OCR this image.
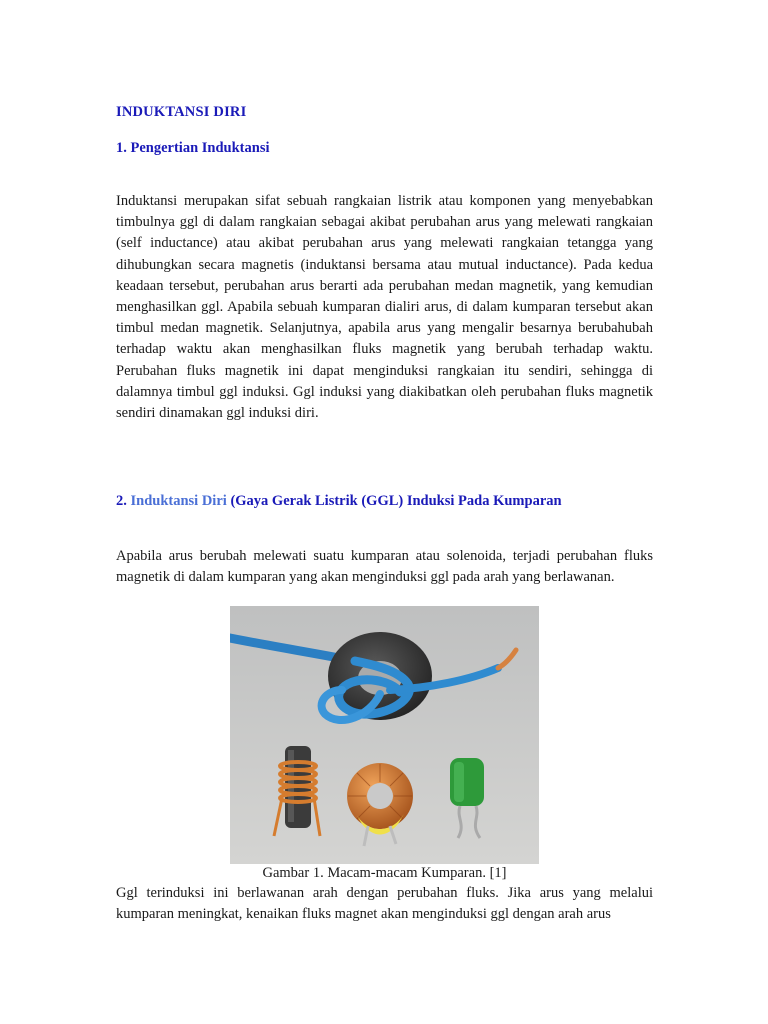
INDUKTANSI DIRI
1. Pengertian Induktansi
Induktansi merupakan sifat sebuah rangkaian listrik atau komponen yang menyebabkan timbulnya ggl di dalam rangkaian sebagai akibat perubahan arus yang melewati rangkaian (self inductance) atau akibat perubahan arus yang melewati rangkaian tetangga yang dihubungkan secara magnetis (induktansi bersama atau mutual inductance). Pada kedua keadaan tersebut, perubahan arus berarti ada perubahan medan magnetik, yang kemudian menghasilkan ggl. Apabila sebuah kumparan dialiri arus, di dalam kumparan tersebut akan timbul medan magnetik. Selanjutnya, apabila arus yang mengalir besarnya berubahubah terhadap waktu akan menghasilkan fluks magnetik yang berubah terhadap waktu. Perubahan fluks magnetik ini dapat menginduksi rangkaian itu sendiri, sehingga di dalamnya timbul ggl induksi. Ggl induksi yang diakibatkan oleh perubahan fluks magnetik sendiri dinamakan ggl induksi diri.
2. Induktansi Diri (Gaya Gerak Listrik (GGL) Induksi Pada Kumparan
Apabila arus berubah melewati suatu kumparan atau solenoida, terjadi perubahan fluks magnetik di dalam kumparan yang akan menginduksi ggl pada arah yang berlawanan.
Gambar 1. Macam-macam Kumparan. [1]
Ggl terinduksi ini berlawanan arah dengan perubahan fluks. Jika arus yang melalui kumparan meningkat, kenaikan fluks magnet akan menginduksi ggl dengan arah arus
